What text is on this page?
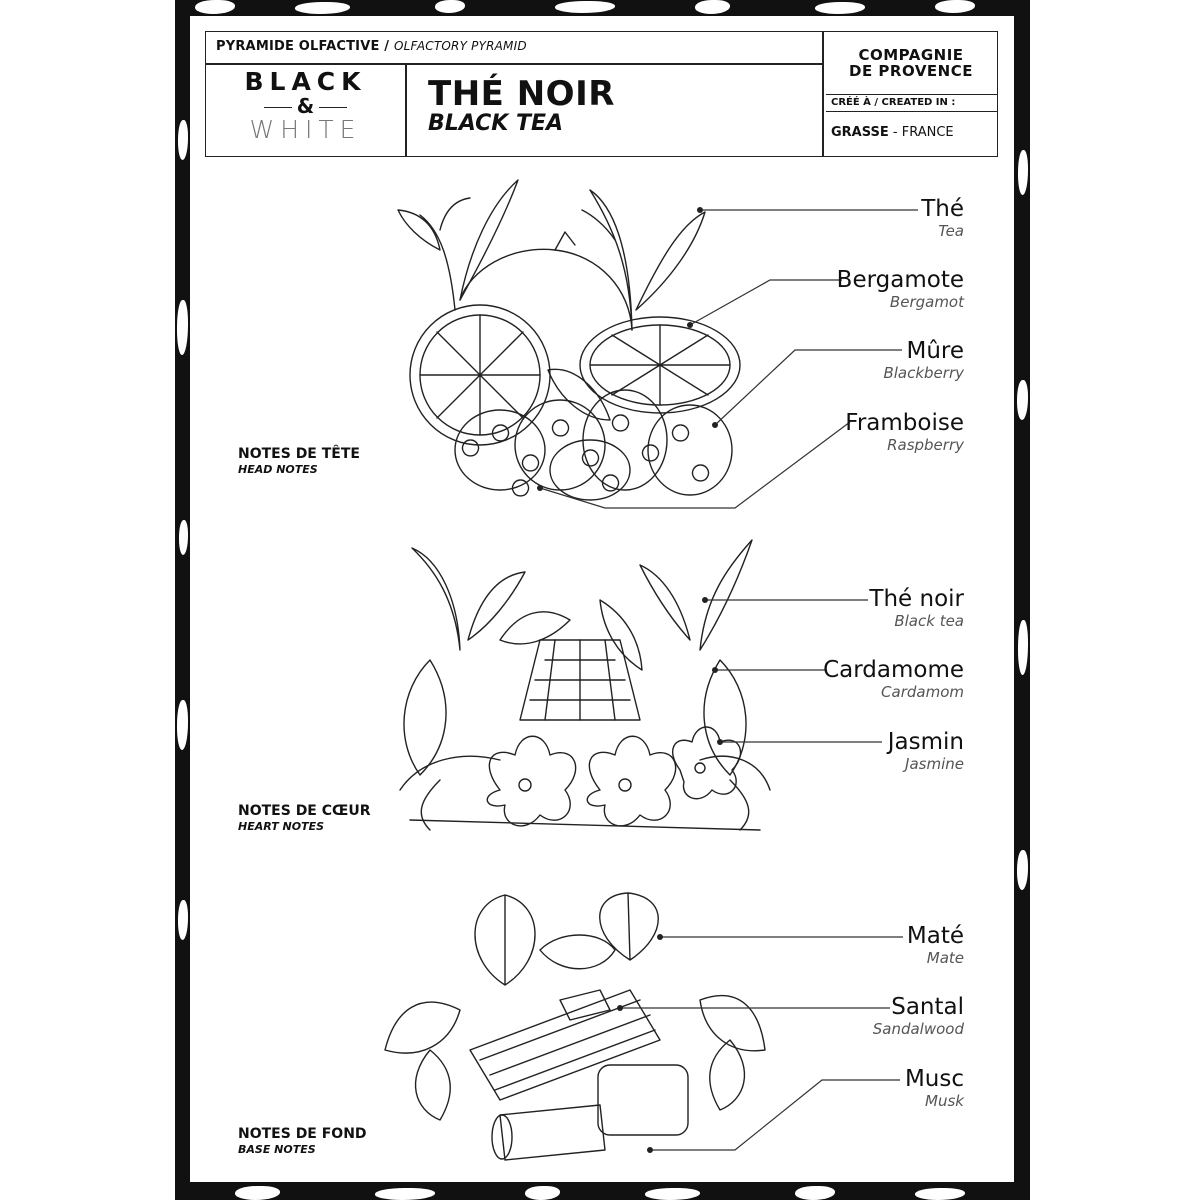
PYRAMIDE OLFACTIVE / OLFACTORY PYRAMID
BLACK
&
WHITE
THÉ NOIR
BLACK TEA
COMPAGNIE
DE PROVENCE
CRÉÉ À / CREATED IN :
GRASSE - FRANCE
NOTES DE TÊTE
HEAD NOTES
NOTES DE CŒUR
HEART NOTES
NOTES DE FOND
BASE NOTES
Thé
Tea
Bergamote
Bergamot
Mûre
Blackberry
Framboise
Raspberry
Thé noir
Black tea
Cardamome
Cardamom
Jasmin
Jasmine
Maté
Mate
Santal
Sandalwood
Musc
Musk
